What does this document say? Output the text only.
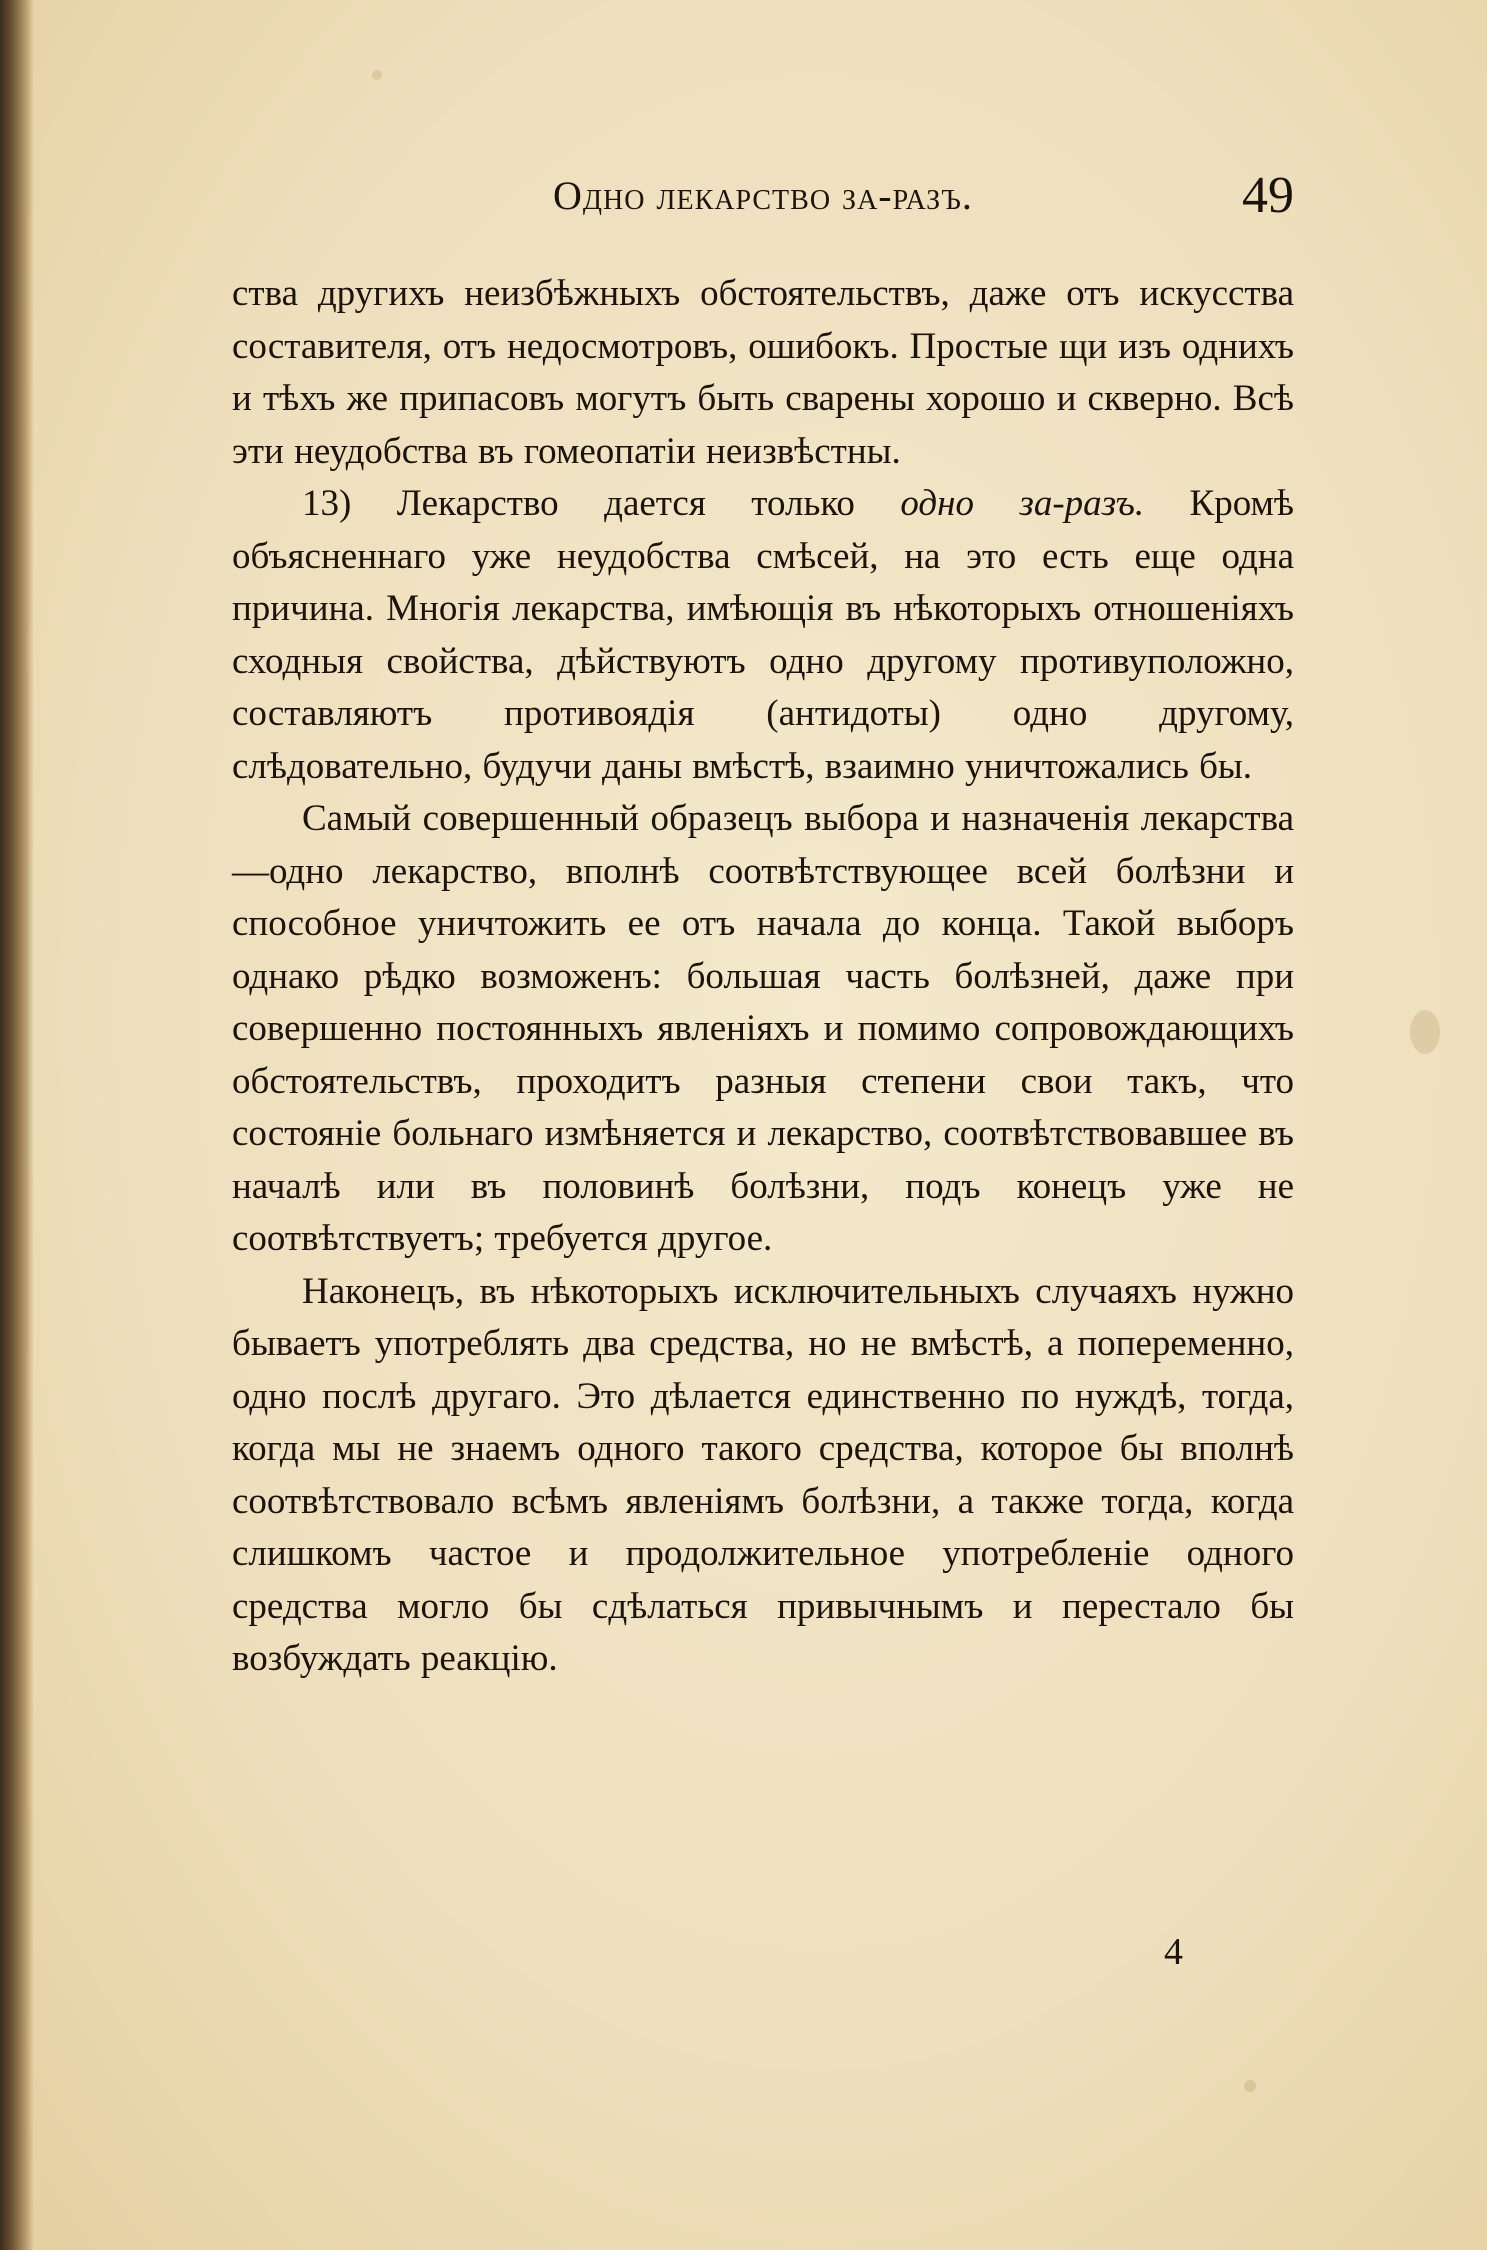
Одно лекарство за-разъ.	49

ства другихъ неизбѣжныхъ обстоятельствъ, даже отъ искусства составителя, отъ недосмотровъ, ошибокъ. Простые щи изъ однихъ и тѣхъ же припасовъ могутъ быть сварены хорошо и скверно. Всѣ эти неудобства въ гомеопатіи неизвѣстны.

13) Лекарство дается только одно за-разъ. Кромѣ объясненнаго уже неудобства смѣсей, на это есть еще одна причина. Многія лекарства, имѣющія въ нѣкоторыхъ отношеніяхъ сходныя свойства, дѣйствуютъ одно другому противуположно, составляютъ противоядія (антидоты) одно другому, слѣдовательно, будучи даны вмѣстѣ, взаимно уничтожались бы.

Самый совершенный образецъ выбора и назначенія лекарства—одно лекарство, вполнѣ соотвѣтствующее всей болѣзни и способное уничтожить ее отъ начала до конца. Такой выборъ однако рѣдко возможенъ: большая часть болѣзней, даже при совершенно постоянныхъ явленіяхъ и помимо сопровождающихъ обстоятельствъ, проходитъ разныя степени свои такъ, что состояніе больнаго измѣняется и лекарство, соотвѣтствовавшее въ началѣ или въ половинѣ болѣзни, подъ конецъ уже не соотвѣтствуетъ; требуется другое.

Наконецъ, въ нѣкоторыхъ исключительныхъ случаяхъ нужно бываетъ употреблять два средства, но не вмѣстѣ, а попеременно, одно послѣ другаго. Это дѣлается единственно по нуждѣ, тогда, когда мы не знаемъ одного такого средства, которое бы вполнѣ соотвѣтствовало всѣмъ явленіямъ болѣзни, а также тогда, когда слишкомъ частое и продолжительное употребленіе одного средства могло бы сдѣлаться привычнымъ и перестало бы возбуждать реакцію.

4
